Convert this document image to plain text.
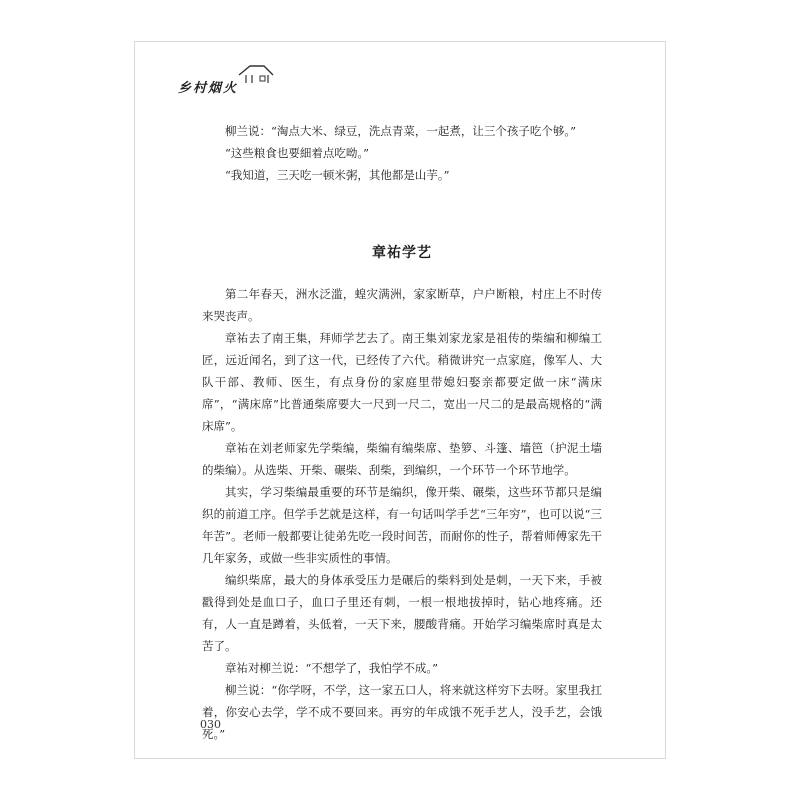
乡村烟火

柳兰说：“淘点大米、绿豆，洗点青菜，一起煮，让三个孩子吃个够。”

“这些粮食也要細着点吃呦。”

“我知道，三天吃一顿米粥，其他都是山芋。”

章祐学艺

第二年春天，洲水泛滥，蝗灾满洲，家家断草，户户断粮，村庄上不时传来哭丧声。

章祐去了南王集，拜师学艺去了。南王集刘家龙家是祖传的柴编和柳编工匠，远近闻名，到了这一代，已经传了六代。稍微讲究一点家庭，像军人、大队干部、教师、医生，有点身份的家庭里带媳妇娶亲都要定做一床“满床席”，“满床席”比普通柴席要大一尺到一尺二，宽出一尺二的是最高规格的“满床席”。

章祐在刘老师家先学柴编，柴编有编柴席、垫箩、斗篷、墙笆（护泥土墙的柴编）。从选柴、开柴、碾柴、刮柴，到编织，一个环节一个环节地学。

其实，学习柴编最重要的环节是编织，像开柴、碾柴，这些环节都只是编织的前道工序。但学手艺就是这样，有一句话叫学手艺“三年穷”，也可以说“三年苦”。老师一般都要让徒弟先吃一段时间苦，而耐你的性子，帮着师傅家先干几年家务，或做一些非实质性的事情。

编织柴席，最大的身体承受压力是碾后的柴料到处是刺，一天下来，手被戳得到处是血口子，血口子里还有刺，一根一根地拔掉时，钻心地疼痛。还有，人一直是蹲着，头低着，一天下来，腰酸背痛。开始学习编柴席时真是太苦了。

章祐对柳兰说：“不想学了，我怕学不成。”

柳兰说：“你学呀，不学，这一家五口人，将来就这样穷下去呀。家里我扛着，你安心去学，学不成不要回来。再穷的年成饿不死手艺人，没手艺，会饿死。”

030
